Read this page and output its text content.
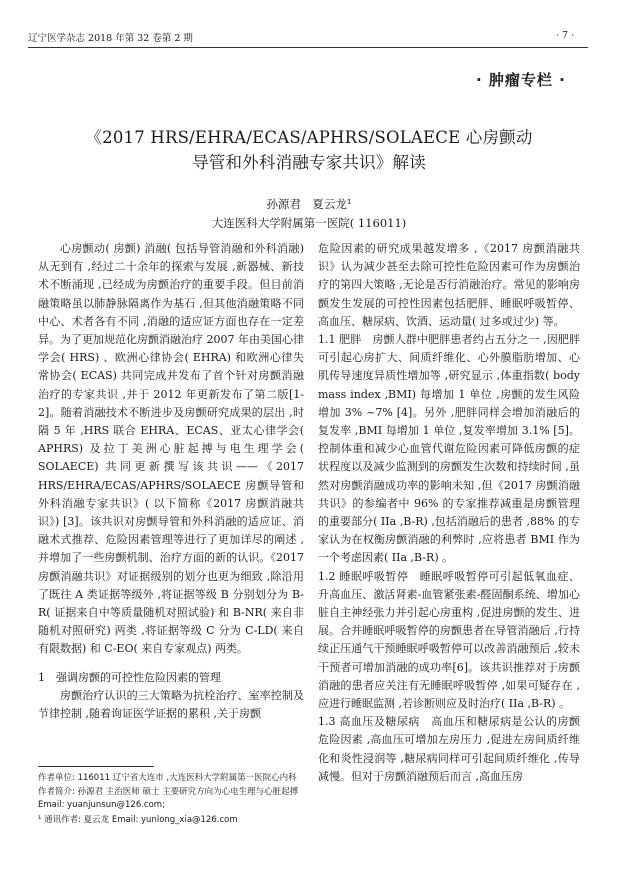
辽宁医学杂志 2018 年第 32 卷第 2 期	· 7 ·
· 肿瘤专栏 ·
《2017 HRS/EHRA/ECAS/APHRS/SOLAECE 心房颤动
导管和外科消融专家共识》解读
孙源君　夏云龙¹
大连医科大学附属第一医院( 116011)

心房颤动( 房颤) 消融( 包括导管消融和外科消融) 从无到有 ,经过二十余年的探索与发展 ,新器械、新技术不断涌现 ,已经成为房颤治疗的重要手段。但目前消融策略虽以肺静脉隔离作为基石 ,但其他消融策略不同中心、术者各有不同 ,消融的适应证方面也存在一定差异。为了更加规范化房颤消融治疗 2007 年由美国心律学会( HRS) 、欧洲心律协会( EHRA) 和欧洲心律失常协会( ECAS) 共同完成并发布了首个针对房颤消融治疗的专家共识 ,并于 2012 年更新发布了第二版[1-2]。随着消融技术不断进步及房颤研究成果的层出 ,时隔 5 年 ,HRS 联合 EHRA、ECAS、亚太心律学会( APHRS) 及拉丁美洲心脏起搏与电生理学会( SOLAECE) 共同更新撰写该共识——《2017 HRS/EHRA/ECAS/APHRS/SOLAECE 房颤导管和外科消融专家共识》( 以下简称《2017 房颤消融共识》) [3]。该共识对房颤导管和外科消融的适应证、消融术式推荐、危险因素管理等进行了更加详尽的阐述 ,并增加了一些房颤机制、治疗方面的新的认识。《2017 房颤消融共识》对证据级别的划分也更为细致 ,除沿用了既往 A 类证据等级外 ,将证据等级 B 分别划分为 B-R( 证据来自中等质量随机对照试验) 和 B-NR( 来自非随机对照研究) 两类 ,将证据等级 C 分为 C-LD( 来自有限数据) 和 C-EO( 来自专家观点) 两类。

1　强调房颤的可控性危险因素的管理

房颤治疗认识的三大策略为抗栓治疗、室率控制及节律控制 ,随着询证医学证据的累积 ,关于房颤

危险因素的研究成果越发增多 ,《2017 房颤消融共识》认为减少甚至去除可控性危险因素可作为房颤治疗的第四大策略 ,无论是否行消融治疗。常见的影响房颤发生发展的可控性因素包括肥胖、睡眠呼吸暂停、高血压、糖尿病、饮酒、运动量( 过多或过少) 等。

1.1 肥胖　房颤人群中肥胖患者约占五分之一 ,因肥胖可引起心房扩大、间质纤维化、心外膜脂肪增加、心肌传导速度异质性增加等 ,研究显示 ,体重指数( body mass index ,BMI) 每增加 1 单位 ,房颤的发生风险增加 3% ~7% [4]。另外 ,肥胖同样会增加消融后的复发率 ,BMI 每增加 1 单位 ,复发率增加 3.1% [5]。控制体重和减少心血管代谢危险因素可降低房颤的症状程度以及减少监测到的房颤发生次数和持续时间 ,虽然对房颤消融成功率的影响未知 ,但《2017 房颤消融共识》的参编者中 96% 的专家推荐减重是房颤管理的重要部分( IIa ,B-R) ,包括消融后的患者 ,88% 的专家认为在权衡房颤消融的利弊时 ,应将患者 BMI 作为一个考虑因素( IIa ,B-R) 。

1.2 睡眠呼吸暂停　睡眠呼吸暂停可引起低氧血症、升高血压、激活肾素-血管紧张素-醛固酮系统、增加心脏自主神经张力并引起心房重构 ,促进房颤的发生、进展。合并睡眠呼吸暂停的房颤患者在导管消融后 ,行持续正压通气干预睡眠呼吸暂停可以改善消融预后 ,较未干预者可增加消融的成功率[6]。该共识推荐对于房颤消融的患者应关注有无睡眠呼吸暂停 ,如果可疑存在 ,应进行睡眠监测 ,若诊断则应及时治疗( IIa ,B-R) 。

1.3 高血压及糖尿病　高血压和糖尿病是公认的房颤危险因素 ,高血压可增加左房压力 ,促进左房间质纤维化和炎性浸润等 ,糖尿病同样可引起间质纤维化 ,传导减慢。但对于房颤消融预后而言 ,高血压房

作者单位: 116011 辽宁省大连市 ,大连医科大学附属第一医院心内科
作者简介: 孙源君 主治医师 硕士 主要研究方向为心电生理与心脏起搏 Email: yuanjunsun@126.com;
¹ 通讯作者: 夏云龙 Email: yunlong_xia@126.com
